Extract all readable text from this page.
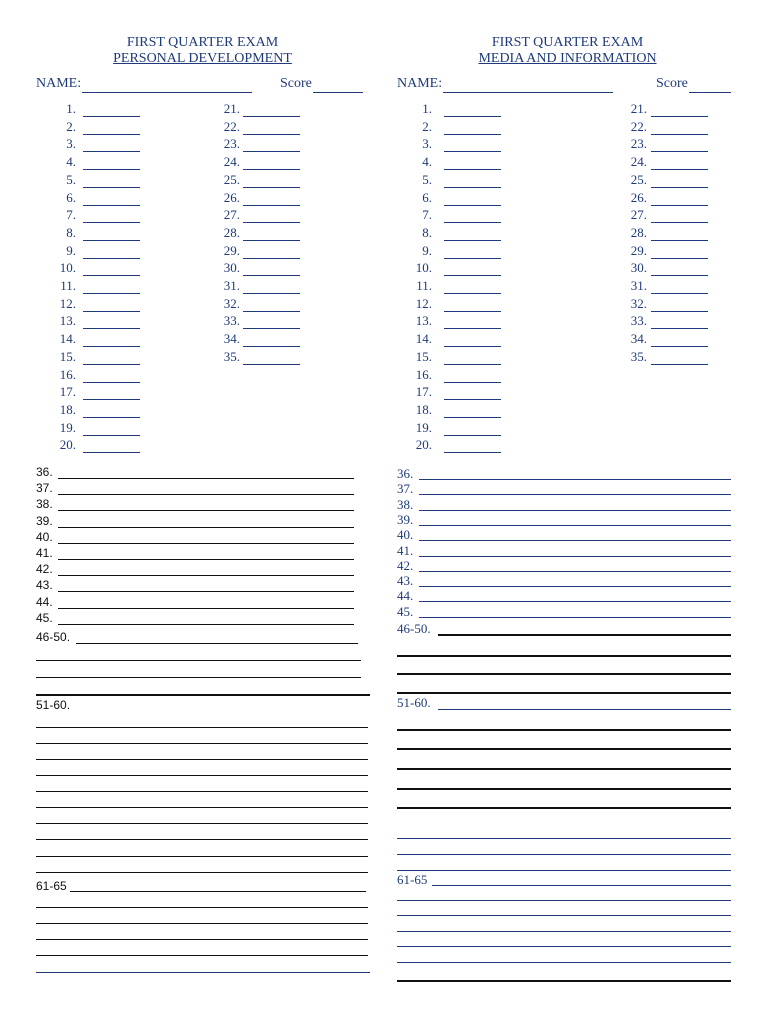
FIRST QUARTER EXAM
PERSONAL DEVELOPMENT
NAME:	Score
1.
2.
3.
4.
5.
6.
7.
8.
9.
10.
11.
12.
13.
14.
15.
16.
17.
18.
19.
20.
21.
22.
23.
24.
25.
26.
27.
28.
29.
30.
31.
32.
33.
34.
35.
36.
37.
38.
39.
40.
41.
42.
43.
44.
45.
46-50.
51-60.
61-65
FIRST QUARTER EXAM
MEDIA AND INFORMATION
NAME:	Score
1.
2.
3.
4.
5.
6.
7.
8.
9.
10.
11.
12.
13.
14.
15.
16.
17.
18.
19.
20.
21.
22.
23.
24.
25.
26.
27.
28.
29.
30.
31.
32.
33.
34.
35.
36.
37.
38.
39.
40.
41.
42.
43.
44.
45.
46-50.
51-60.
61-65
